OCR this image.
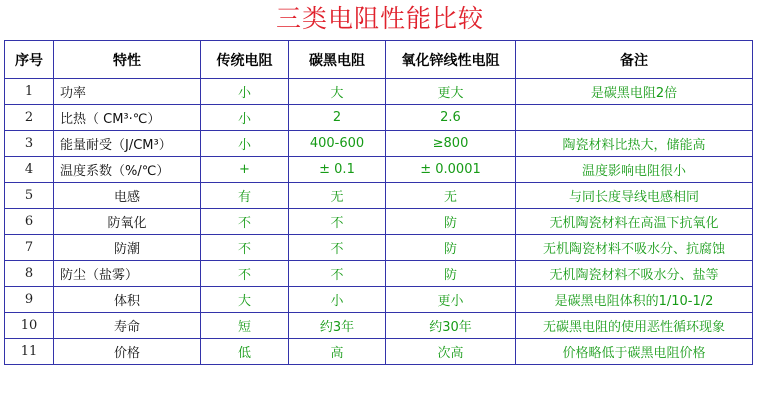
三类电阻性能比较
序号	特性	传统电阻	碳黑电阻	氧化锌线性电阻	备注
1	功率	小	大	更大	是碳黑电阻2倍
2	比热（ CM³·℃）	小	2	2.6	
3	能量耐受（J/CM³）	小	400-600	≥800	陶瓷材料比热大，储能高
4	温度系数（%/℃）	+	± 0.1	± 0.0001	温度影响电阻很小
5	电感	有	无	无	与同长度导线电感相同
6	防氧化	不	不	防	无机陶瓷材料在高温下抗氧化
7	防潮	不	不	防	无机陶瓷材料不吸水分、抗腐蚀
8	防尘（盐雾）	不	不	防	无机陶瓷材料不吸水分、盐等
9	体积	大	小	更小	是碳黑电阻体积的1/10-1/2
10	寿命	短	约3年	约30年	无碳黑电阻的使用恶性循环现象
11	价格	低	高	次高	价格略低于碳黑电阻价格
